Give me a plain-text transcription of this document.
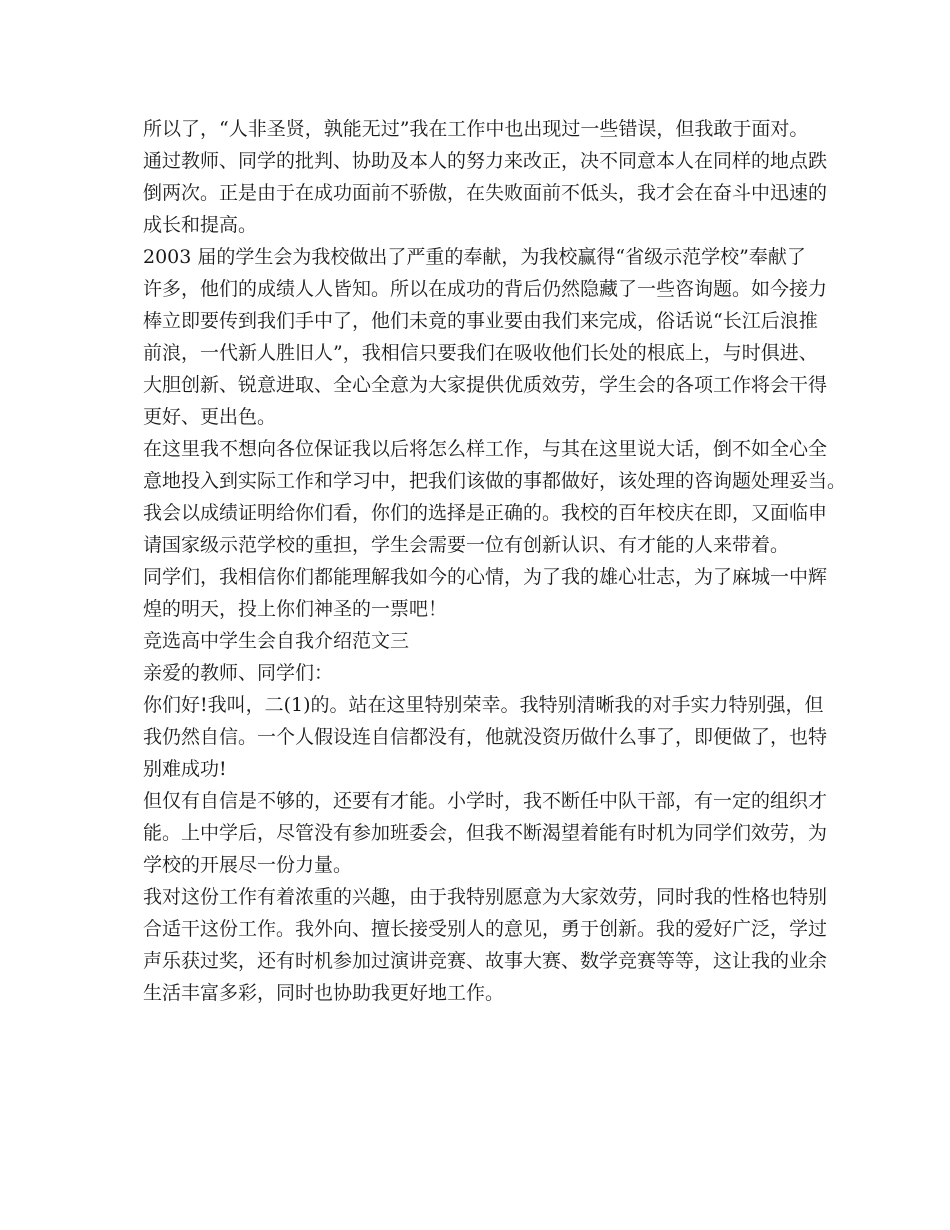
所以了，“人非圣贤，孰能无过”我在工作中也出现过一些错误，但我敢于面对。
通过教师、同学的批判、协助及本人的努力来改正，决不同意本人在同样的地点跌
倒两次。正是由于在成功面前不骄傲，在失败面前不低头，我才会在奋斗中迅速的
成长和提高。

2003 届的学生会为我校做出了严重的奉献，为我校赢得“省级示范学校”奉献了
许多，他们的成绩人人皆知。所以在成功的背后仍然隐藏了一些咨询题。如今接力
棒立即要传到我们手中了，他们未竟的事业要由我们来完成，俗话说“长江后浪推
前浪，一代新人胜旧人”，我相信只要我们在吸收他们长处的根底上，与时俱进、
大胆创新、锐意进取、全心全意为大家提供优质效劳，学生会的各项工作将会干得
更好、更出色。

在这里我不想向各位保证我以后将怎么样工作，与其在这里说大话，倒不如全心全
意地投入到实际工作和学习中，把我们该做的事都做好，该处理的咨询题处理妥当。
我会以成绩证明给你们看，你们的选择是正确的。我校的百年校庆在即，又面临申
请国家级示范学校的重担，学生会需要一位有创新认识、有才能的人来带着。

同学们，我相信你们都能理解我如今的心情，为了我的雄心壮志，为了麻城一中辉
煌的明天，投上你们神圣的一票吧！

竞选高中学生会自我介绍范文三

亲爱的教师、同学们：

你们好!我叫，二(1)的。站在这里特别荣幸。我特别清晰我的对手实力特别强，但
我仍然自信。一个人假设连自信都没有，他就没资历做什么事了，即便做了，也特
别难成功!

但仅有自信是不够的，还要有才能。小学时，我不断任中队干部，有一定的组织才
能。上中学后，尽管没有参加班委会，但我不断渴望着能有时机为同学们效劳，为
学校的开展尽一份力量。

我对这份工作有着浓重的兴趣，由于我特别愿意为大家效劳，同时我的性格也特别
合适干这份工作。我外向、擅长接受别人的意见，勇于创新。我的爱好广泛，学过
声乐获过奖，还有时机参加过演讲竞赛、故事大赛、数学竞赛等等，这让我的业余
生活丰富多彩，同时也协助我更好地工作。
